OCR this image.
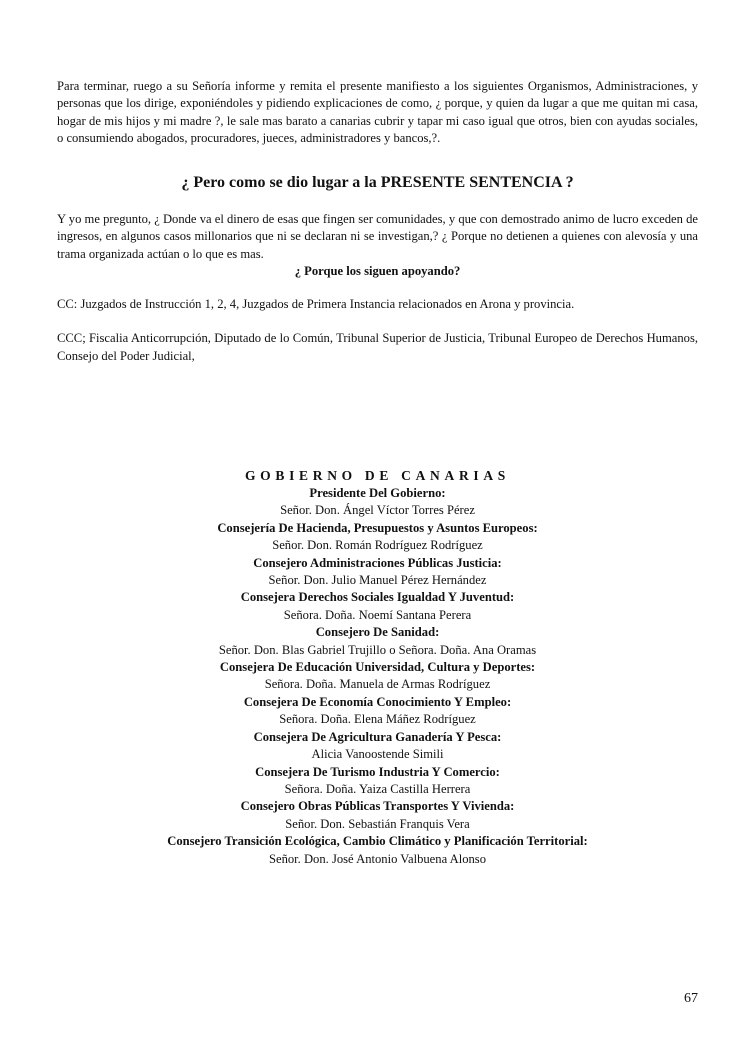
Para terminar, ruego a su Señoría informe y remita el presente manifiesto a los siguientes Organismos, Administraciones, y personas que los dirige, exponiéndoles y pidiendo explicaciones de como, ¿ porque, y quien da lugar a que me quitan mi casa, hogar de mis hijos y mi madre ?, le sale mas barato a canarias cubrir y tapar mi caso igual que otros, bien con ayudas sociales, o consumiendo abogados, procuradores, jueces, administradores y bancos,?.

¿ Pero como se dio lugar a la PRESENTE SENTENCIA ?

Y yo me pregunto, ¿ Donde va el dinero de esas que fingen ser comunidades, y que con demostrado animo de lucro exceden de ingresos, en algunos casos millonarios que ni se declaran ni se investigan,? ¿ Porque no detienen a quienes con alevosía y una trama organizada actúan o lo que es mas.

¿ Porque los siguen apoyando?

CC: Juzgados de Instrucción 1, 2, 4, Juzgados de Primera Instancia relacionados en Arona y provincia.

CCC; Fiscalia Anticorrupción, Diputado de lo Común, Tribunal Superior de Justicia, Tribunal Europeo de Derechos Humanos, Consejo del Poder Judicial,

GOBIERNO DE CANARIAS
Presidente Del Gobierno:
Señor. Don. Ángel Víctor Torres Pérez
Consejería De Hacienda, Presupuestos y Asuntos Europeos:
Señor. Don. Román Rodríguez Rodríguez
Consejero Administraciones Públicas Justicia:
Señor. Don. Julio Manuel Pérez Hernández
Consejera Derechos Sociales Igualdad Y Juventud:
Señora. Doña. Noemí Santana Perera
Consejero De Sanidad:
Señor. Don. Blas Gabriel Trujillo o Señora. Doña. Ana Oramas
Consejera De Educación Universidad, Cultura y Deportes:
Señora. Doña. Manuela de Armas Rodríguez
Consejera De Economía Conocimiento Y Empleo:
Señora. Doña. Elena Máñez Rodríguez
Consejera De Agricultura Ganadería Y Pesca:
Alicia Vanoostende Simili
Consejera De Turismo Industria Y Comercio:
Señora. Doña. Yaiza Castilla Herrera
Consejero Obras Públicas Transportes Y Vivienda:
Señor. Don. Sebastián Franquis Vera
Consejero Transición Ecológica, Cambio Climático y Planificación Territorial:
Señor. Don. José Antonio Valbuena Alonso
67
